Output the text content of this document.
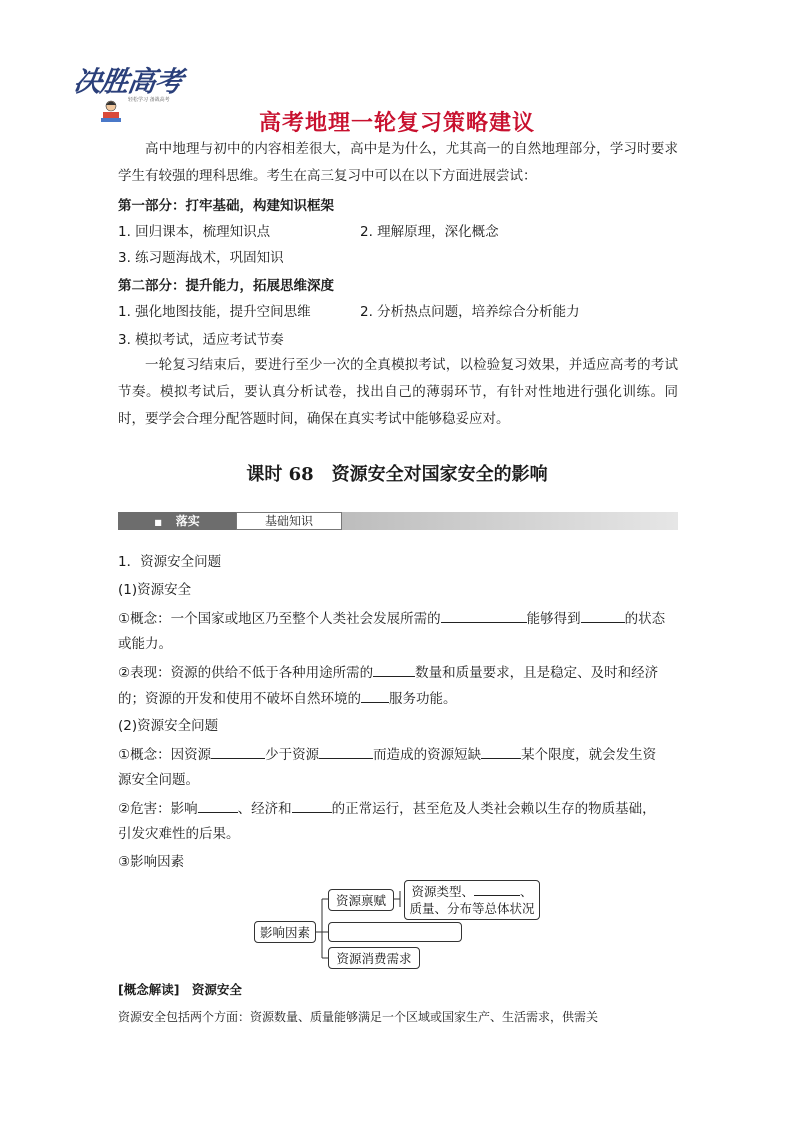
决胜高考
轻松学习 备战高考
高考地理一轮复习策略建议
高中地理与初中的内容相差很大，高中是为什么，尤其高一的自然地理部分，学习时要求学生有较强的理科思维。考生在高三复习中可以在以下方面进展尝试：
第一部分：打牢基础，构建知识框架
1. 回归课本，梳理知识点	2. 理解原理，深化概念
3. 练习题海战术，巩固知识
第二部分：提升能力，拓展思维深度
1. 强化地图技能，提升空间思维	2. 分析热点问题，培养综合分析能力
3. 模拟考试，适应考试节奏
一轮复习结束后，要进行至少一次的全真模拟考试，以检验复习效果，并适应高考的考试节奏。模拟考试后，要认真分析试卷，找出自己的薄弱环节，有针对性地进行强化训练。同时，要学会合理分配答题时间，确保在真实考试中能够稳妥应对。
课时 68　资源安全对国家安全的影响
■ 落实	基础知识
1．资源安全问题
(1)资源安全
①概念：一个国家或地区乃至整个人类社会发展所需的	能够得到	的状态
或能力。
②表现：资源的供给不低于各种用途所需的	数量和质量要求，且是稳定、及时和经济
的；资源的开发和使用不破坏自然环境的 服务功能。
(2)资源安全问题
①概念：因资源	少于资源	而造成的资源短缺	某个限度，就会发生资
源安全问题。
②危害：影响	、经济和	的正常运行，甚至危及人类社会赖以生存的物质基础，
引发灾难性的后果。
③影响因素
影响因素
资源禀赋
资源类型、	、
质量、分布等总体状况
资源消费需求
[概念解读]　资源安全
资源安全包括两个方面：资源数量、质量能够满足一个区域或国家生产、生活需求，供需关
